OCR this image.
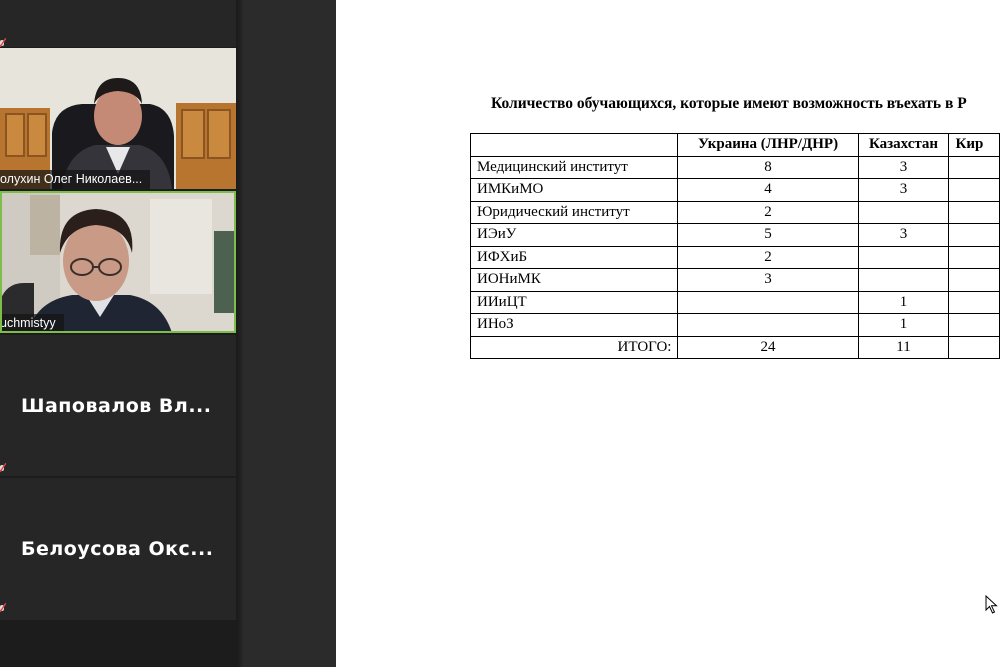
олухин Олег Николаев...
uchmistyy
Шаповалов Вл...
Белоусова Окс...
Количество обучающихся, которые имеют возможность въехать в Р
	Украина (ЛНР/ДНР)	Казахстан	Кир
Медицинский институт	8	3	
ИМКиМО	4	3	
Юридический институт	2		
ИЭиУ	5	3	
ИФХиБ	2		
ИОНиМК	3		
ИИиЦТ		1	
ИНоЗ		1	
ИТОГО:	24	11	
